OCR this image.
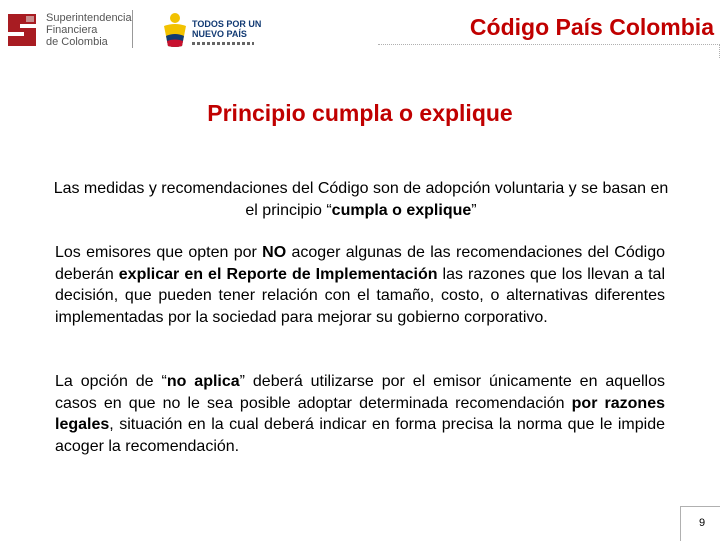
Superintendencia
Financiera
de Colombia
TODOS POR UN
NUEVO PAÍS	Código País Colombia
Principio cumpla o explique

Las medidas y recomendaciones del Código son de adopción voluntaria y se basan en el principio “cumpla o explique”

Los emisores que opten por NO acoger algunas de las recomendaciones del Código deberán explicar en el Reporte de Implementación las razones que los llevan a tal decisión, que pueden tener relación con el tamaño, costo, o alternativas diferentes implementadas por la sociedad para mejorar su gobierno corporativo.

La opción de “no aplica” deberá utilizarse por el emisor únicamente en aquellos casos en que no le sea posible adoptar determinada recomendación por razones legales, situación en la cual deberá indicar en forma precisa la norma que le impide acoger la recomendación.

9
